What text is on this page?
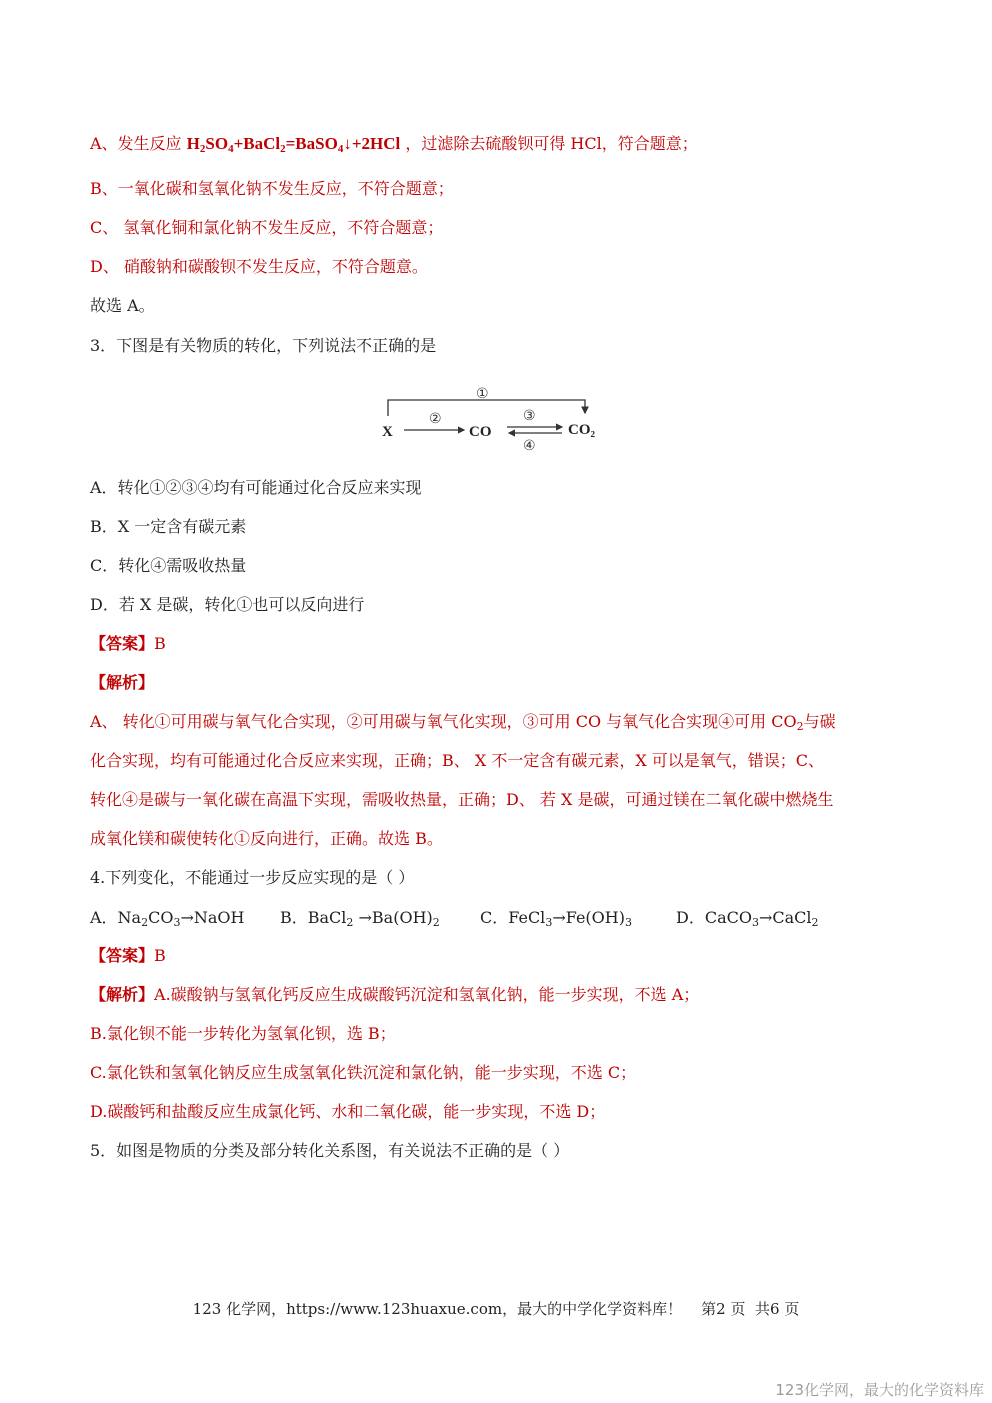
A、发生反应 $H_2SO_4+BaCl_2=BaSO_4↓+2HCl$ ，过滤除去硫酸钡可得 HCl，符合题意；
B、一氧化碳和氢氧化钠不发生反应，不符合题意；
C、 氢氧化铜和氯化钠不发生反应，不符合题意；
D、 硝酸钠和碳酸钡不发生反应，不符合题意。
故选 A。
3．下图是有关物质的转化，下列说法不正确的是
①
X
②
CO
③
④
CO₂
A．转化①②③④均有可能通过化合反应来实现
B．X 一定含有碳元素
C．转化④需吸收热量
D．若 X 是碳，转化①也可以反向进行
【答案】B
【解析】
A、 转化①可用碳与氧气化合实现，②可用碳与氧气化实现，③可用 CO 与氧气化合实现④可用 $CO_2$与碳
化合实现，均有可能通过化合反应来实现，正确；B、 X 不一定含有碳元素，X 可以是氧气，错误；C、
转化④是碳与一氧化碳在高温下实现，需吸收热量，正确；D、 若 X 是碳，可通过镁在二氧化碳中燃烧生
成氧化镁和碳使转化①反向进行，正确。故选 B。
4.下列变化，不能通过一步反应实现的是（ ）
A．$Na_2CO_3\to NaOH$ B．BaCl$_2$ $\to Ba(OH)_2$	C．$FeCl_3\to Fe(OH)_3$	D．CaCO$_3$→CaCl$_2$
【答案】B
【解析】A.碳酸钠与氢氧化钙反应生成碳酸钙沉淀和氢氧化钠，能一步实现，不选 A；
B.氯化钡不能一步转化为氢氧化钡，选 B；
C.氯化铁和氢氧化钠反应生成氢氧化铁沉淀和氯化钠，能一步实现，不选 C；
D.碳酸钙和盐酸反应生成氯化钙、水和二氧化碳，能一步实现，不选 D；
5．如图是物质的分类及部分转化关系图，有关说法不正确的是（ ）
123 化学网，https://www.123huaxue.com，最大的中学化学资料库！ 第2 页  共6 页
123化学网，最大的化学资料库
